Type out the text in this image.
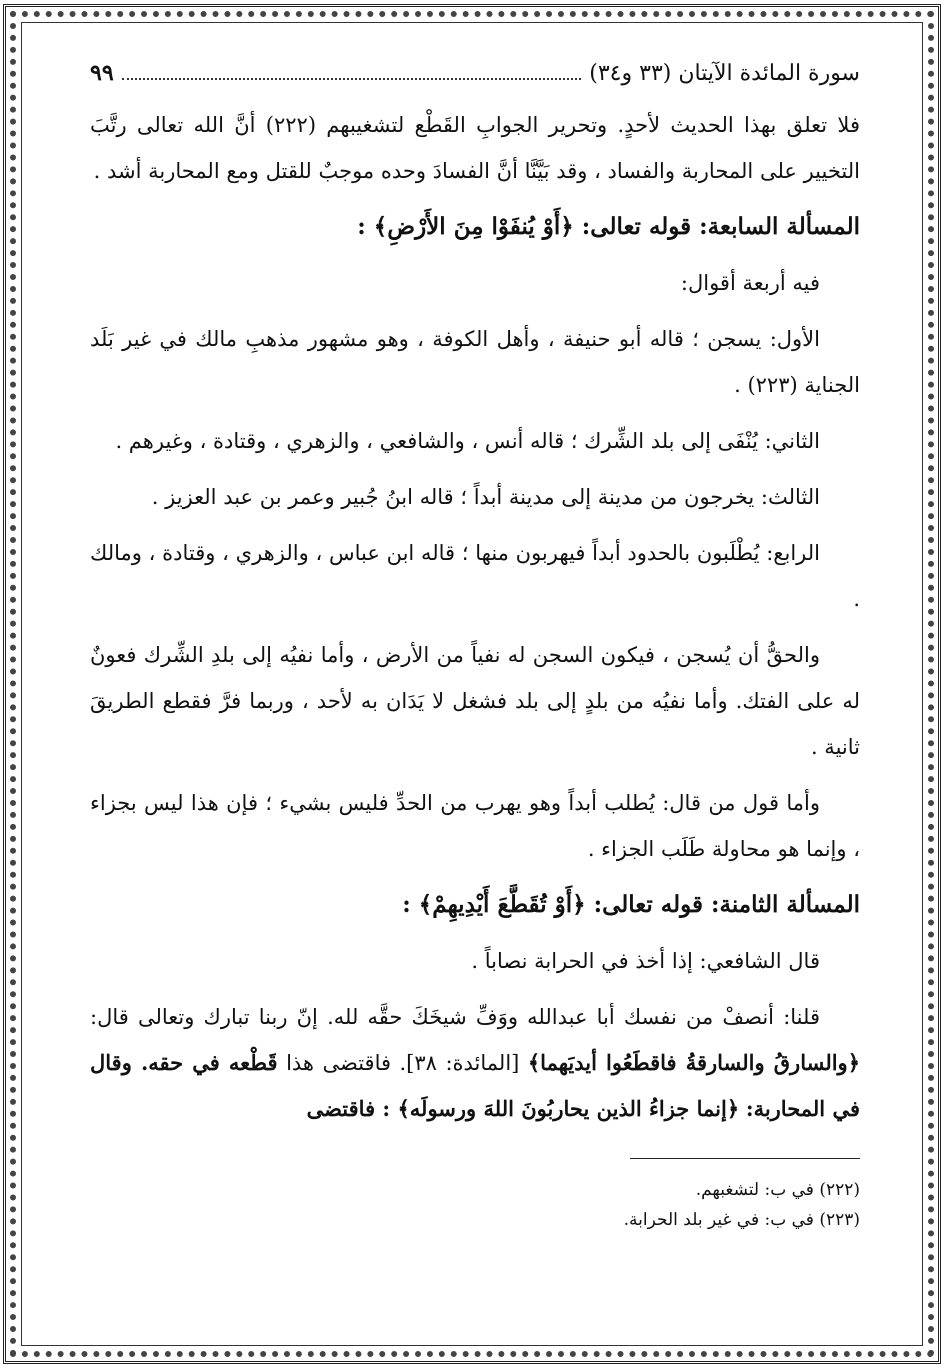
سورة المائدة الآيتان (٣٣ و٣٤)
٩٩

فلا تعلق بهذا الحديث لأحدٍ. وتحرير الجوابِ القَطْع لتشغيبهم (٢٢٢) أنَّ الله تعالى رتَّبَ التخيير على المحاربة والفساد ، وقد بَيَّنَّا أنَّ الفسادَ وحده موجبٌ للقتل ومع المحاربة أشد .

المسألة السابعة: قوله تعالى: ﴿أَوْ يُنفَوْا مِنَ الأَرْضِ﴾ :

فيه أربعة أقوال:

الأول: يسجن ؛ قاله أبو حنيفة ، وأهل الكوفة ، وهو مشهور مذهبِ مالك في غير بَلَد الجناية (٢٢٣) .

الثاني: يُنْفَى إلى بلد الشِّرك ؛ قاله أنس ، والشافعي ، والزهري ، وقتادة ، وغيرهم .

الثالث: يخرجون من مدينة إلى مدينة أبداً ؛ قاله ابنُ جُبير وعمر بن عبد العزيز .

الرابع: يُطْلَبون بالحدود أبداً فيهربون منها ؛ قاله ابن عباس ، والزهري ، وقتادة ، ومالك .

والحقُّ أن يُسجن ، فيكون السجن له نفياً من الأرض ، وأما نفيُه إلى بلدِ الشِّرك فعونٌ له على الفتك. وأما نفيُه من بلدٍ إلى بلد فشغل لا يَدَان به لأحد ، وربما فرَّ فقطع الطريقَ ثانية .

وأما قول من قال: يُطلب أبداً وهو يهرب من الحدِّ فليس بشيء ؛ فإن هذا ليس بجزاء ، وإنما هو محاولة طَلَب الجزاء .

المسألة الثامنة: قوله تعالى: ﴿أَوْ تُقَطَّعَ أَيْدِيهِمْ﴾ :

قال الشافعي: إذا أخذ في الحرابة نصاباً .

قلنا: أنصفْ من نفسك أبا عبدالله ووَفِّ شيخَكَ حقَّه لله. إنّ ربنا تبارك وتعالى قال: ﴿والسارقُ والسارقةُ فاقطَعُوا أيديَهما﴾ [المائدة: ٣٨]. فاقتضى هذا قَطْعه في حقه. وقال في المحاربة: ﴿إنما جزاءُ الذين يحاربُونَ اللهَ ورسولَه﴾ : فاقتضى

(٢٢٢) في ب: لتشغبهم.

(٢٢٣) في ب: في غير بلد الحرابة.
